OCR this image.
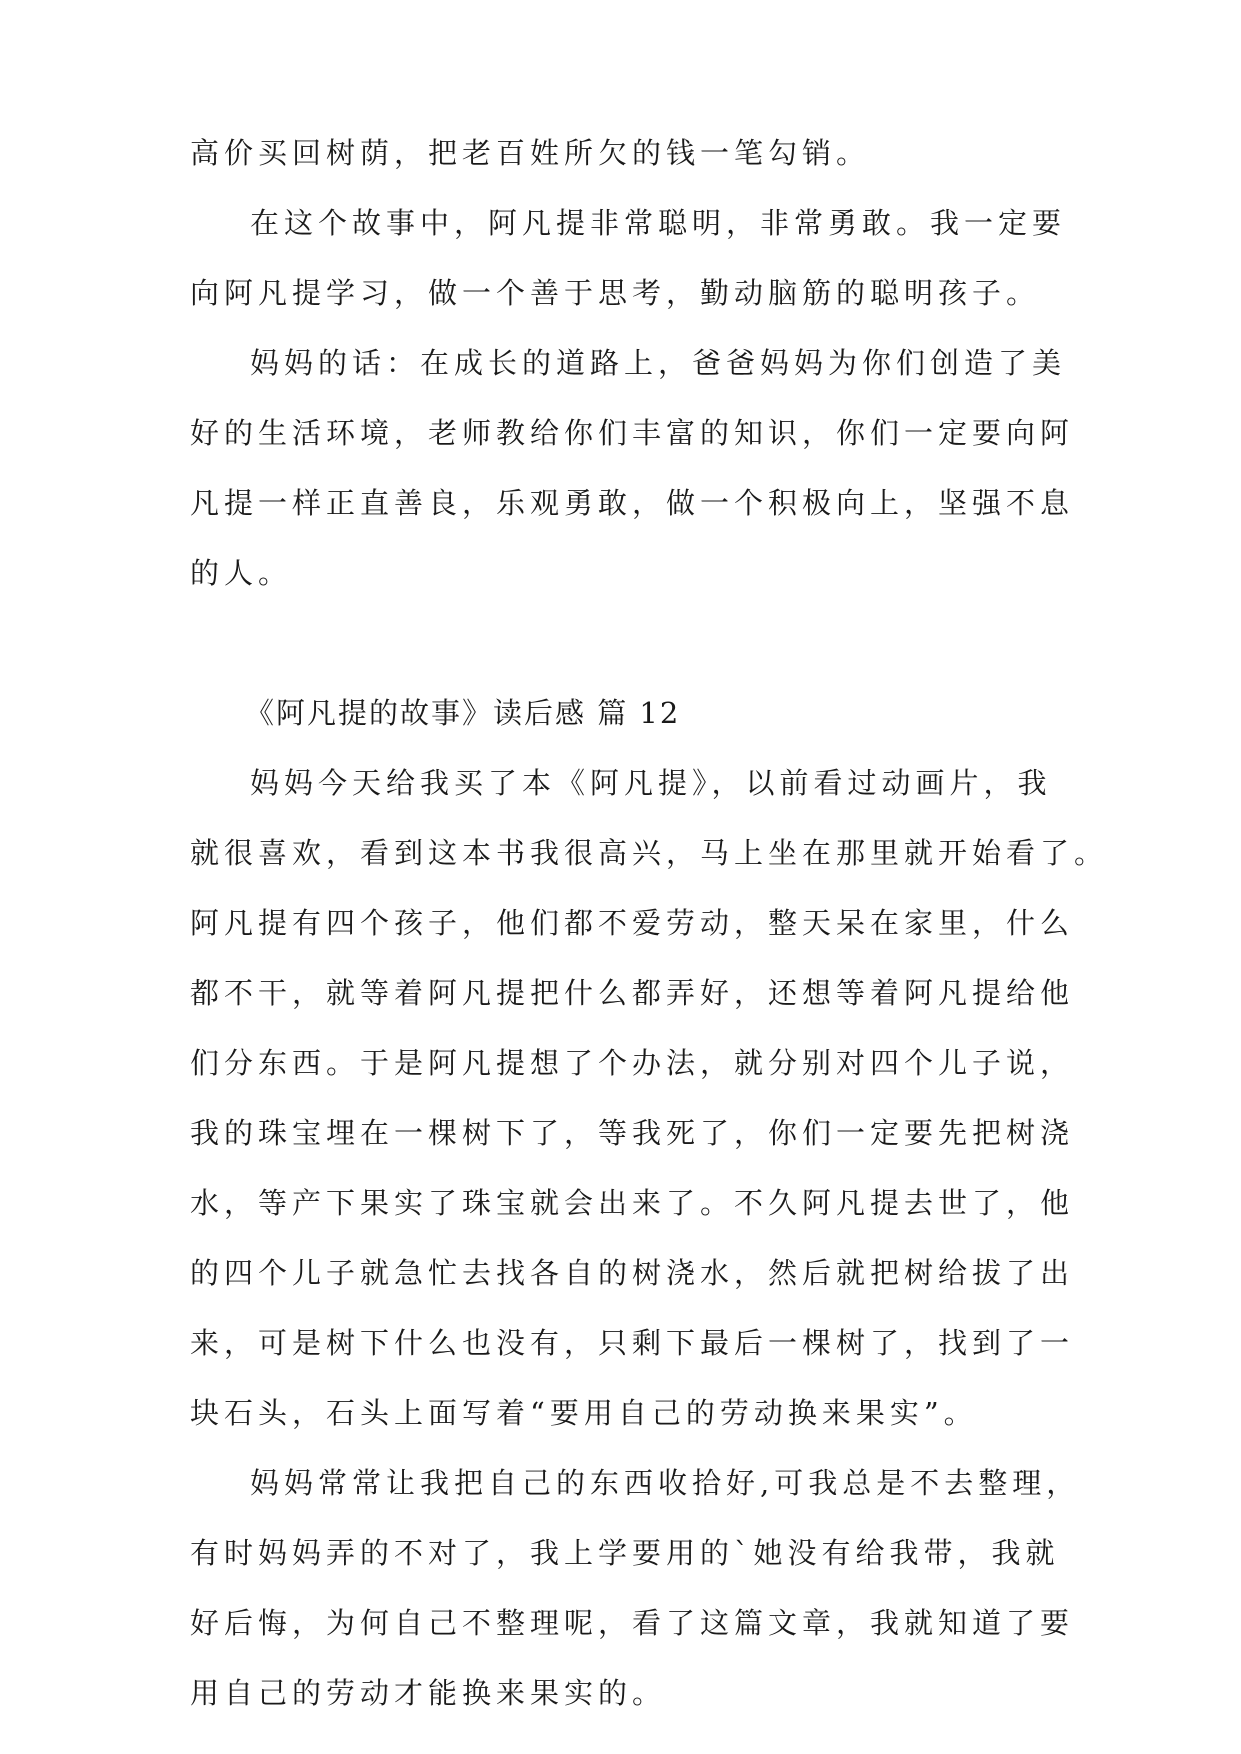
高价买回树荫，把老百姓所欠的钱一笔勾销。
在这个故事中，阿凡提非常聪明，非常勇敢。我一定要
向阿凡提学习，做一个善于思考，勤动脑筋的聪明孩子。
妈妈的话：在成长的道路上，爸爸妈妈为你们创造了美
好的生活环境，老师教给你们丰富的知识，你们一定要向阿
凡提一样正直善良，乐观勇敢，做一个积极向上，坚强不息
的人。
《阿凡提的故事》读后感 篇 12
妈妈今天给我买了本《阿凡提》，以前看过动画片，我
就很喜欢，看到这本书我很高兴，马上坐在那里就开始看了。
阿凡提有四个孩子，他们都不爱劳动，整天呆在家里，什么
都不干，就等着阿凡提把什么都弄好，还想等着阿凡提给他
们分东西。于是阿凡提想了个办法，就分别对四个儿子说，
我的珠宝埋在一棵树下了，等我死了，你们一定要先把树浇
水，等产下果实了珠宝就会出来了。不久阿凡提去世了，他
的四个儿子就急忙去找各自的树浇水，然后就把树给拔了出
来，可是树下什么也没有，只剩下最后一棵树了，找到了一
块石头，石头上面写着“要用自己的劳动换来果实”。
妈妈常常让我把自己的东西收拾好,可我总是不去整理，
有时妈妈弄的不对了，我上学要用的`她没有给我带，我就
好后悔，为何自己不整理呢，看了这篇文章，我就知道了要
用自己的劳动才能换来果实的。
